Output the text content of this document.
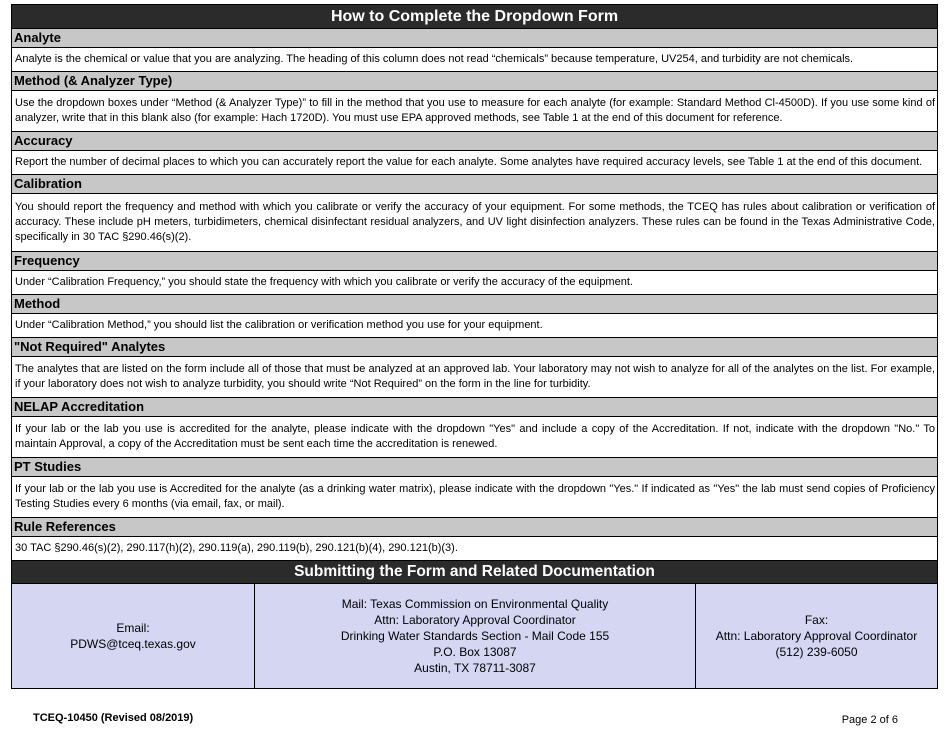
How to Complete the Dropdown Form
Analyte
Analyte is the chemical or value that you are analyzing. The heading of this column does not read “chemicals” because temperature, UV254, and turbidity are not chemicals.
Method (& Analyzer Type)
Use the dropdown boxes under “Method (& Analyzer Type)” to fill in the method that you use to measure for each analyte (for example: Standard Method Cl-4500D). If you use some kind of analyzer, write that in this blank also (for example: Hach 1720D). You must use EPA approved methods, see Table 1 at the end of this document for reference.
Accuracy
Report the number of decimal places to which you can accurately report the value for each analyte. Some analytes have required accuracy levels, see Table 1 at the end of this document.
Calibration
You should report the frequency and method with which you calibrate or verify the accuracy of your equipment. For some methods, the TCEQ has rules about calibration or verification of accuracy. These include pH meters, turbidimeters, chemical disinfectant residual analyzers, and UV light disinfection analyzers. These rules can be found in the Texas Administrative Code, specifically in 30 TAC §290.46(s)(2).
Frequency
Under “Calibration Frequency,” you should state the frequency with which you calibrate or verify the accuracy of the equipment.
Method
Under “Calibration Method,” you should list the calibration or verification method you use for your equipment.
"Not Required" Analytes
The analytes that are listed on the form include all of those that must be analyzed at an approved lab. Your laboratory may not wish to analyze for all of the analytes on the list. For example, if your laboratory does not wish to analyze turbidity, you should write “Not Required” on the form in the line for turbidity.
NELAP Accreditation
If your lab or the lab you use is accredited for the analyte, please indicate with the dropdown "Yes" and include a copy of the Accreditation. If not, indicate with the dropdown "No." To maintain Approval, a copy of the Accreditation must be sent each time the accreditation is renewed.
PT Studies
If your lab or the lab you use is Accredited for the analyte (as a drinking water matrix), please indicate with the dropdown "Yes." If indicated as "Yes" the lab must send copies of Proficiency Testing Studies every 6 months (via email, fax, or mail).
Rule References
30 TAC §290.46(s)(2), 290.117(h)(2), 290.119(a), 290.119(b), 290.121(b)(4), 290.121(b)(3).
Submitting the Form and Related Documentation
Email:
PDWS@tceq.texas.gov
Mail: Texas Commission on Environmental Quality
Attn: Laboratory Approval Coordinator
Drinking Water Standards Section - Mail Code 155
P.O. Box 13087
Austin, TX 78711-3087
Fax:
Attn: Laboratory Approval Coordinator
(512) 239-6050
TCEQ-10450 (Revised 08/2019)	Page 2 of 6
